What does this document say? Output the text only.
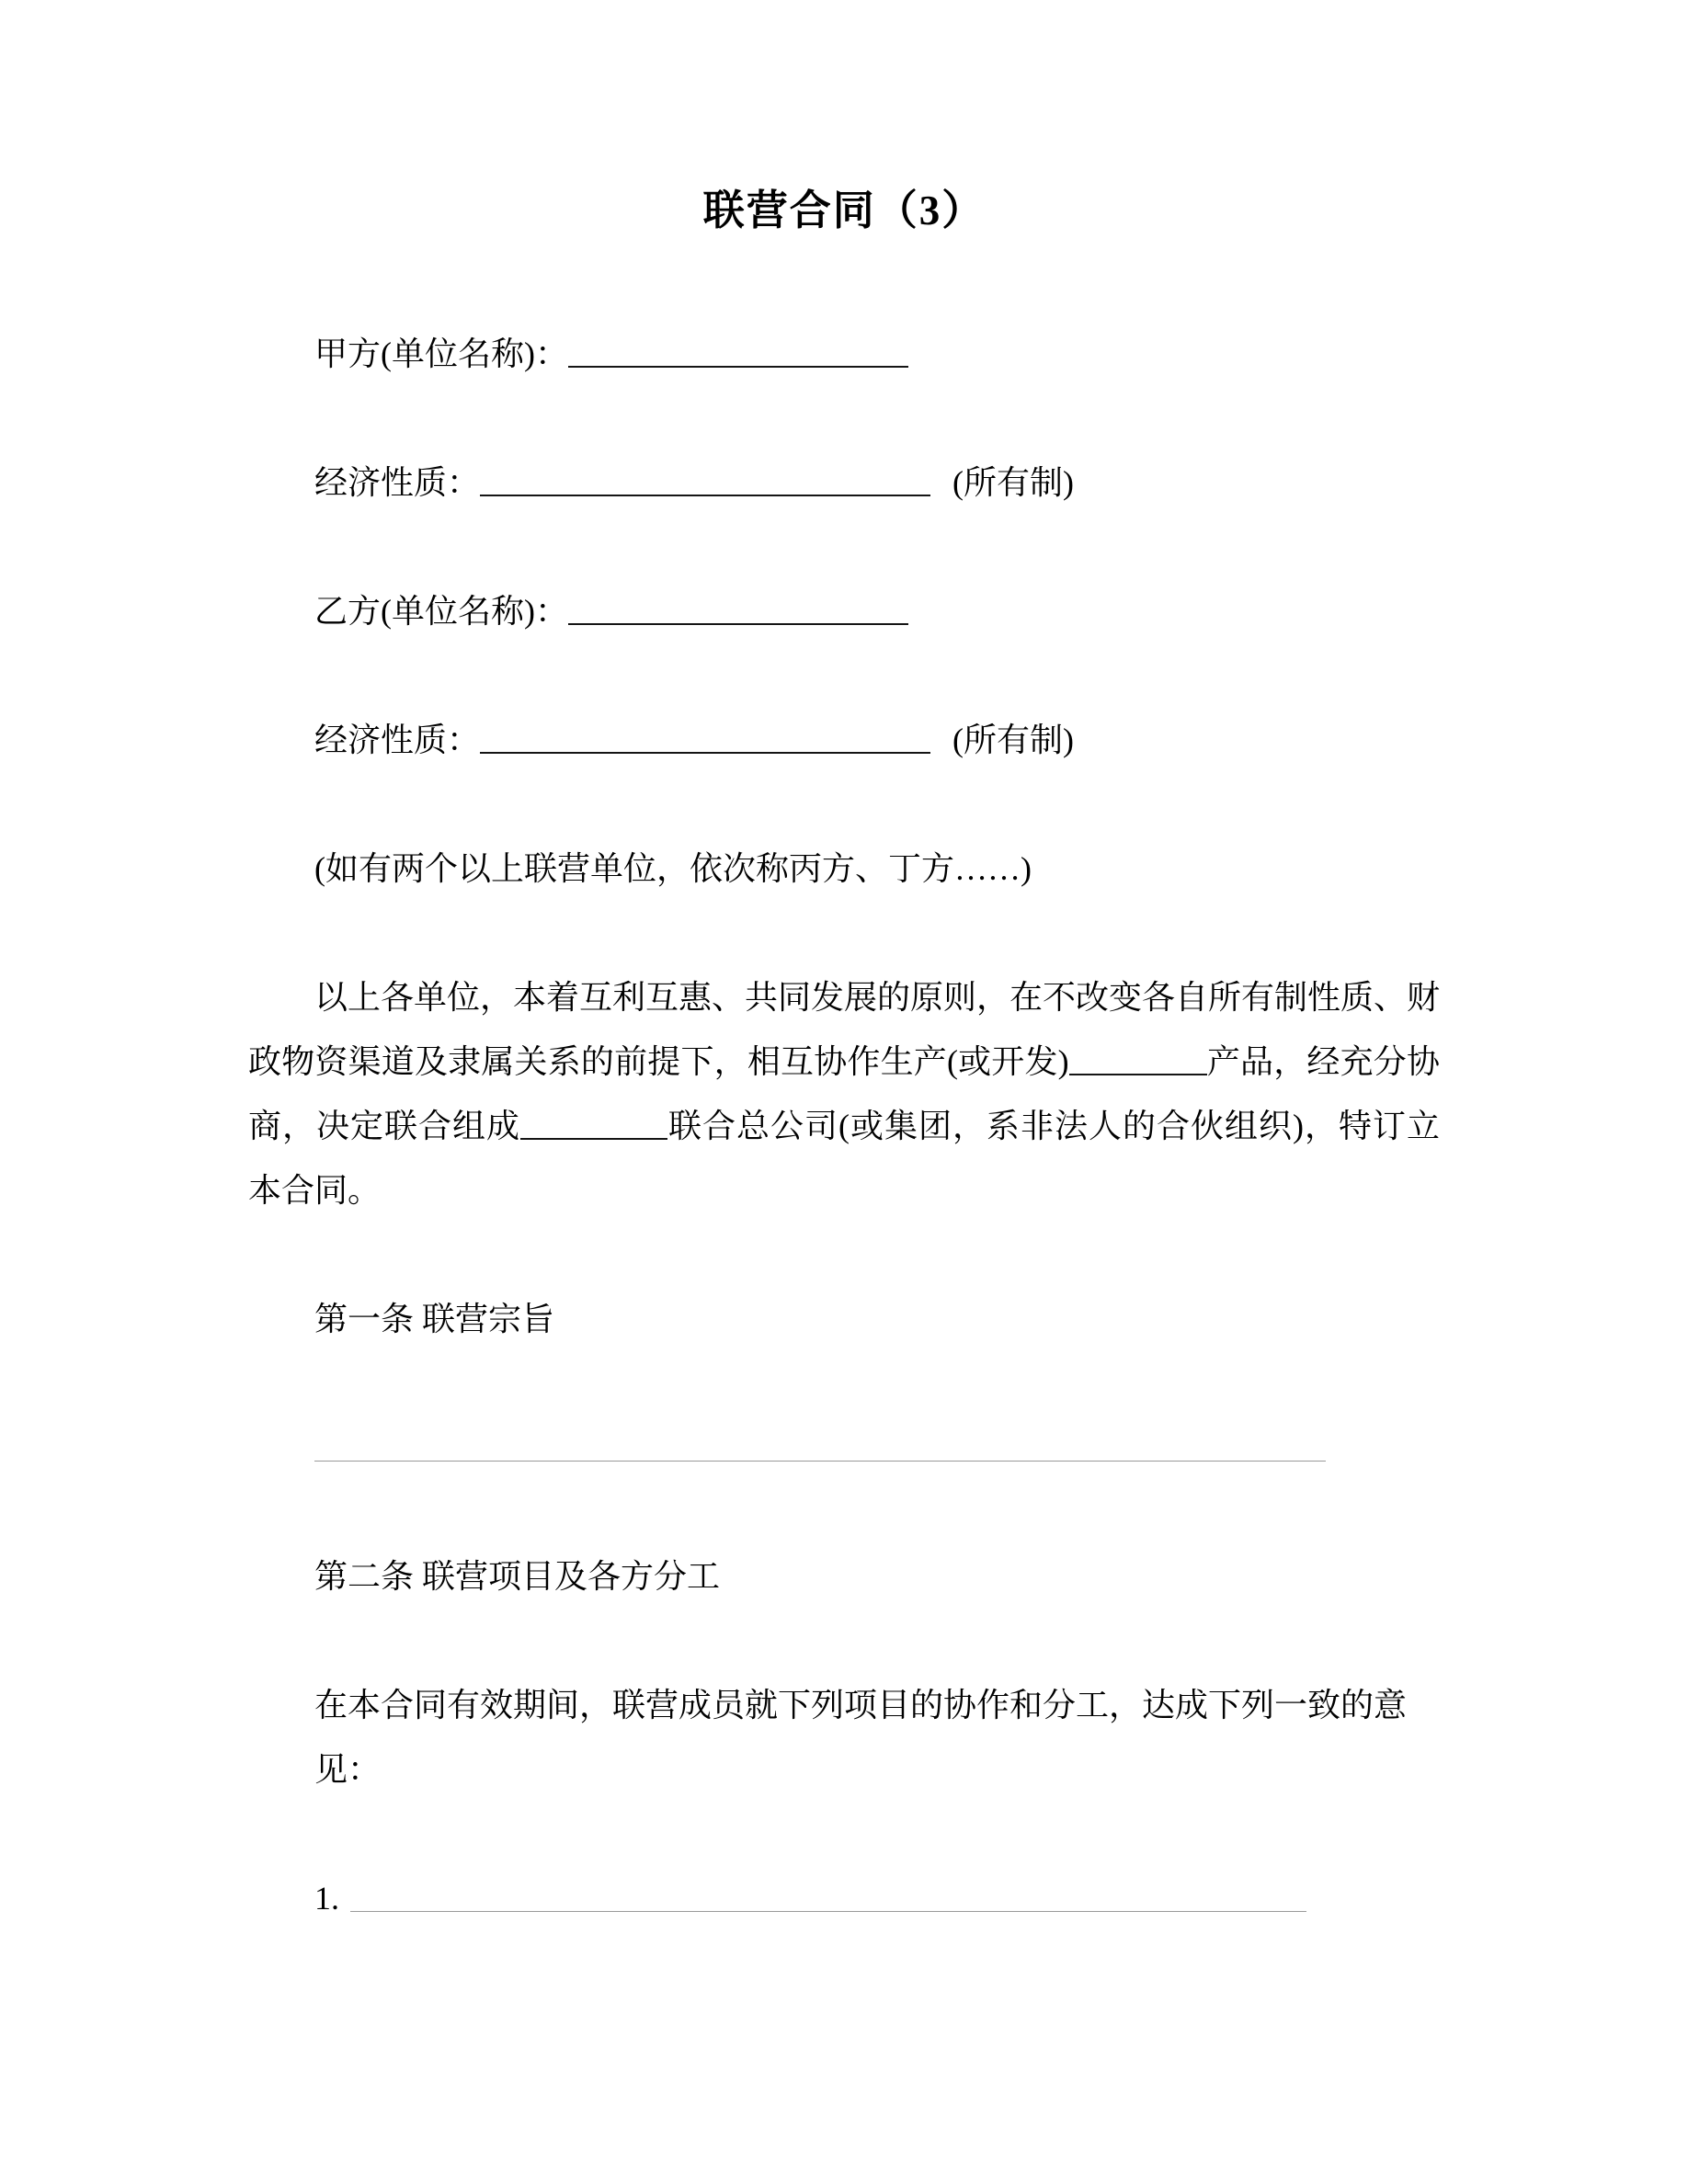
联营合同（3）

甲方(单位名称)：

经济性质：	(所有制)

乙方(单位名称)：

经济性质：	(所有制)

(如有两个以上联营单位，依次称丙方、丁方……)

以上各单位，本着互利互惠、共同发展的原则，在不改变各自所有制性质、财政物资渠道及隶属关系的前提下，相互协作生产(或开发)	产品，经充分协商，决定联合组成	联合总公司(或集团，系非法人的合伙组织)，特订立本合同。

第一条 联营宗旨

第二条 联营项目及各方分工

在本合同有效期间，联营成员就下列项目的协作和分工，达成下列一致的意见：

1.
